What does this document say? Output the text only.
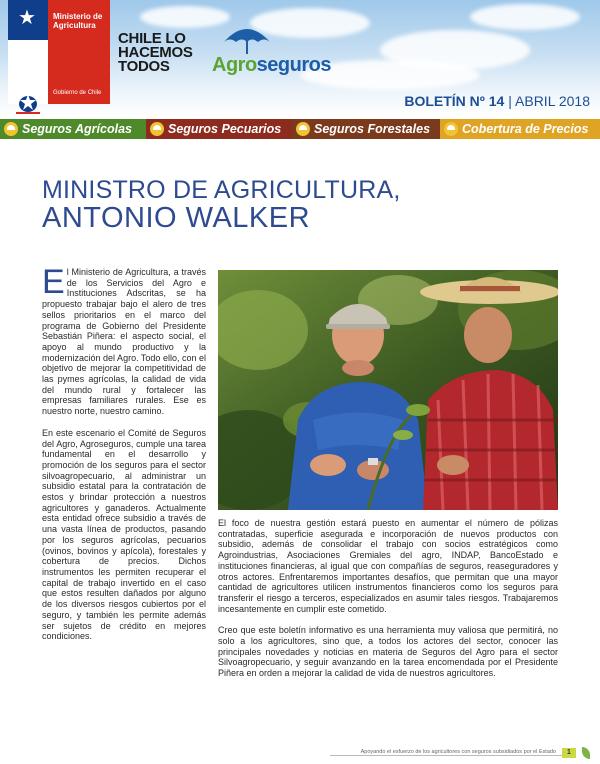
★ Ministerio de Agricultura
Gobierno de Chile
CHILE LO HACEMOS TODOS	Agroseguros
BOLETÍN Nº 14 | ABRIL 2018
Seguros Agrícolas	Seguros Pecuarios	Seguros Forestales	Cobertura de Precios
MINISTRO DE AGRICULTURA,
ANTONIO WALKER

El Ministerio de Agricultura, a través de los Servicios del Agro e Instituciones Adscritas, se ha propuesto trabajar bajo el alero de tres sellos prioritarios en el marco del programa de Gobierno del Presidente Sebastián Piñera: el aspecto social, el apoyo al mundo productivo y la modernización del Agro. Todo ello, con el objetivo de mejorar la competitividad de las pymes agrícolas, la calidad de vida del mundo rural y fortalecer las empresas familiares rurales. Ese es nuestro norte, nuestro camino.

En este escenario el Comité de Seguros del Agro, Agroseguros, cumple una tarea fundamental en el desarrollo y promoción de los seguros para el sector silvoagropecuario, al administrar un subsidio estatal para la contratación de estos y brindar protección a nuestros agricultores y ganaderos. Actualmente esta entidad ofrece subsidio a través de una vasta línea de productos, pasando por los seguros agrícolas, pecuarios (ovinos, bovinos y apícola), forestales y cobertura de precios. Dichos instrumentos les permiten recuperar el capital de trabajo invertido en el caso que estos resulten dañados por alguno de los diversos riesgos cubiertos por el seguro, y también les permite además ser sujetos de crédito en mejores condiciones.

El foco de nuestra gestión estará puesto en aumentar el número de pólizas contratadas, superficie asegurada e incorporación de nuevos productos con subsidio, además de consolidar el trabajo con socios estratégicos como Agroindustrias, Asociaciones Gremiales del agro, INDAP, BancoEstado e instituciones financieras, al igual que con compañías de seguros, reaseguradores y otros actores. Enfrentaremos importantes desafíos, que permitan que una mayor cantidad de agricultores utilicen instrumentos financieros como los seguros para transferir el riesgo a terceros, especializados en asumir tales riesgos. Trabajaremos incesantemente en cumplir este cometido.

Creo que este boletín informativo es una herramienta muy valiosa que permitirá, no solo a los agricultores, sino que, a todos los actores del sector, conocer las principales novedades y noticias en materia de Seguros del Agro para el sector Silvoagropecuario, y seguir avanzando en la tarea encomendada por el Presidente Piñera en orden a mejorar la calidad de vida de nuestros agricultores.

Apoyando el esfuerzo de los agricultores con seguros subsidiados por el Estado	1
